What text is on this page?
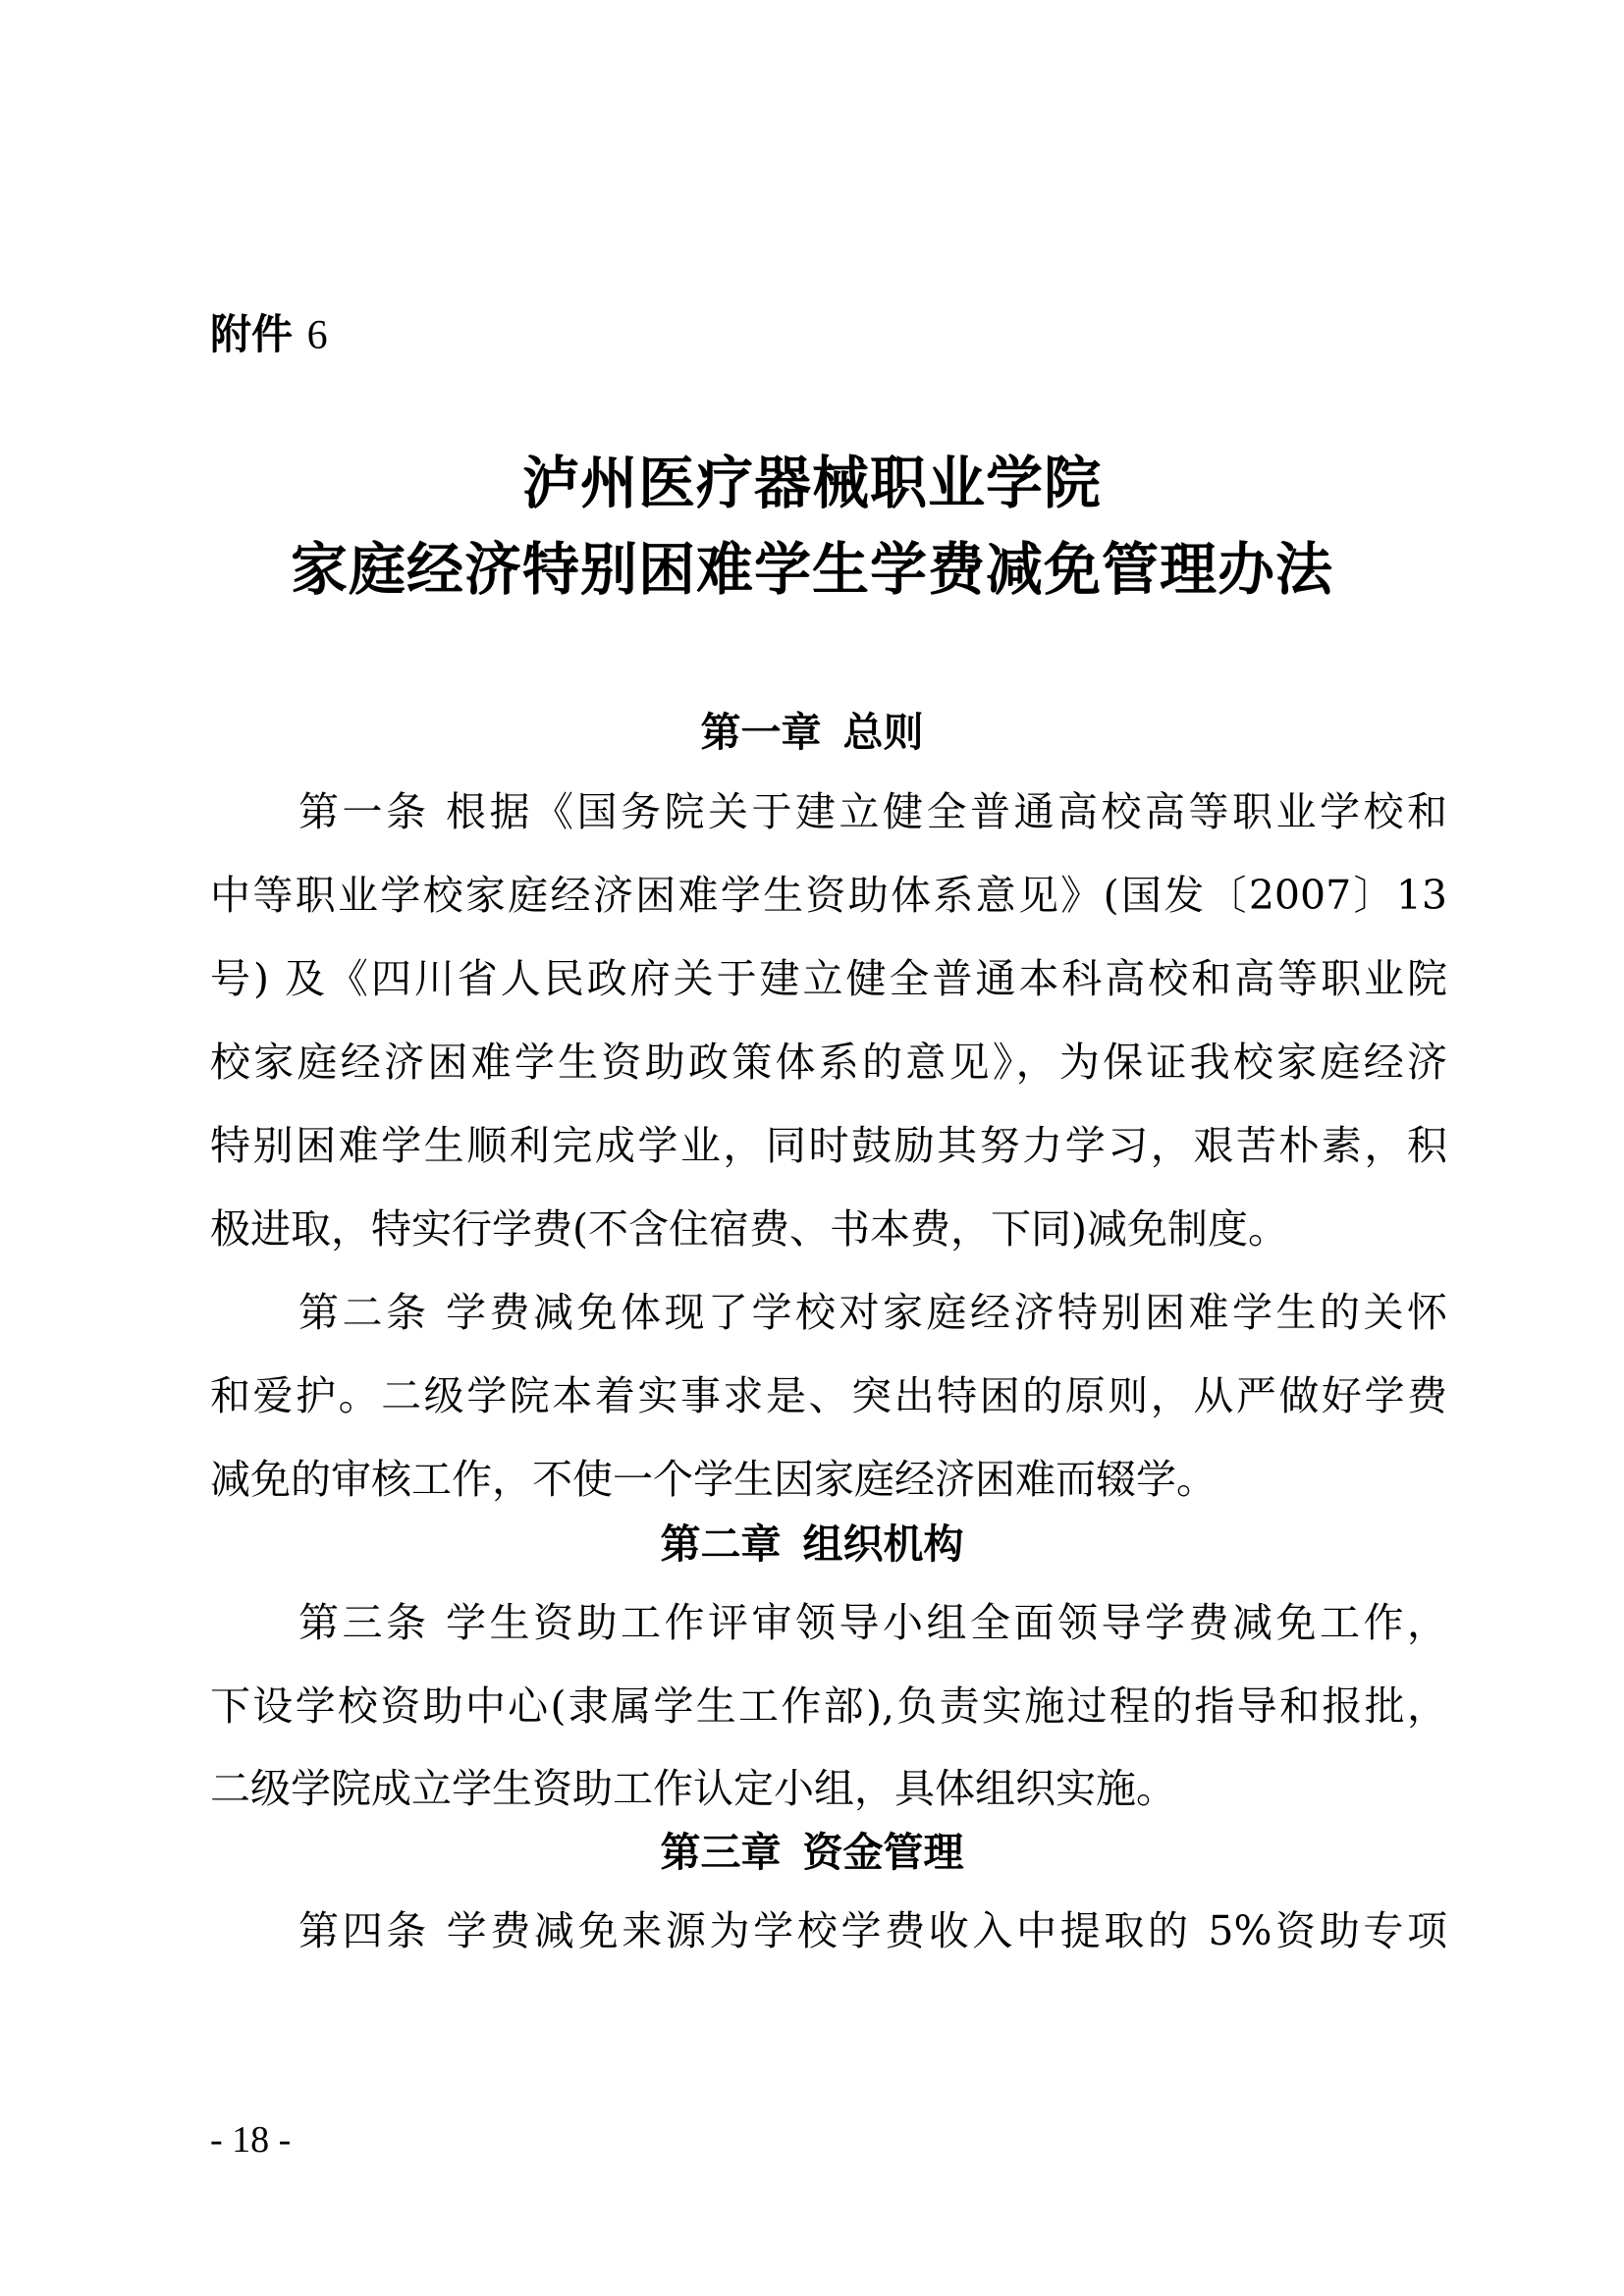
附件 6
泸州医疗器械职业学院
家庭经济特别困难学生学费减免管理办法
第一章 总则
第一条 根据《国务院关于建立健全普通高校高等职业学校和
中等职业学校家庭经济困难学生资助体系意见》(国发〔2007〕13
号) 及《四川省人民政府关于建立健全普通本科高校和高等职业院
校家庭经济困难学生资助政策体系的意见》，为保证我校家庭经济
特别困难学生顺利完成学业，同时鼓励其努力学习，艰苦朴素，积
极进取，特实行学费(不含住宿费、书本费，下同)减免制度。
第二条 学费减免体现了学校对家庭经济特别困难学生的关怀
和爱护。二级学院本着实事求是、突出特困的原则，从严做好学费
减免的审核工作，不使一个学生因家庭经济困难而辍学。
第二章 组织机构
第三条 学生资助工作评审领导小组全面领导学费减免工作，
下设学校资助中心(隶属学生工作部),负责实施过程的指导和报批，
二级学院成立学生资助工作认定小组，具体组织实施。
第三章 资金管理
第四条 学费减免来源为学校学费收入中提取的 5%资助专项
- 18 -
